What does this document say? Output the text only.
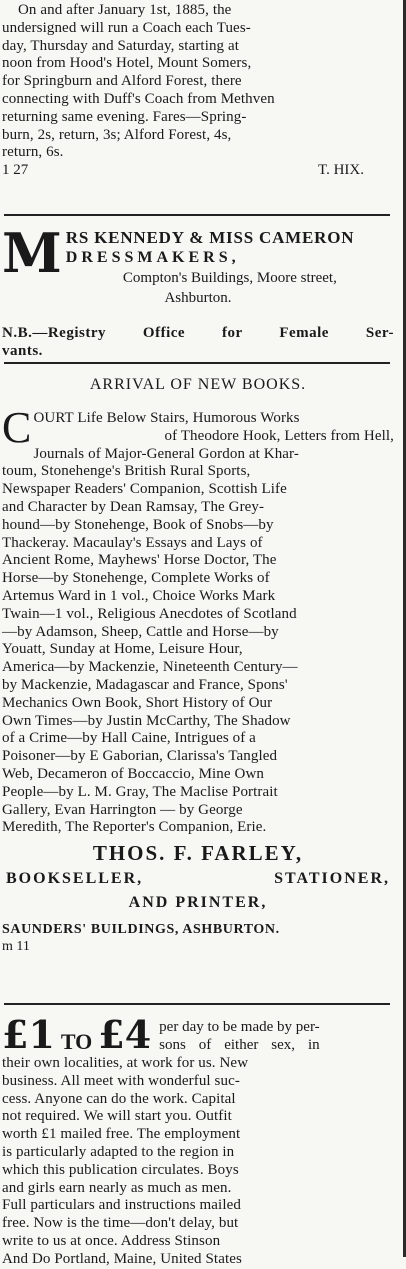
On and after January 1st, 1885, the

undersigned will run a Coach each Tues-

day, Thursday and Saturday, starting at

noon from Hood's Hotel, Mount Somers,

for Springburn and Alford Forest, there

connecting with Duff's Coach from Methven

returning same evening. Fares—Spring-

burn, 2s, return, 3s; Alford Forest, 4s,

return, 6s.

1 27	T. HIX.
M RS KENNEDY & MISS CAMERON
DRESSMAKERS,
Compton's Buildings, Moore street,
Ashburton.
N.B.—Registry Office for Female Ser-
vants.
ARRIVAL OF NEW BOOKS.

COURT Life Below Stairs, Humorous Works

of Theodore Hook, Letters from Hell,

Journals of Major-General Gordon at Khar-

toum, Stonehenge's British Rural Sports,

Newspaper Readers' Companion, Scottish Life

and Character by Dean Ramsay, The Grey-

hound—by Stonehenge, Book of Snobs—by

Thackeray. Macaulay's Essays and Lays of

Ancient Rome, Mayhews' Horse Doctor, The

Horse—by Stonehenge, Complete Works of

Artemus Ward in 1 vol., Choice Works Mark

Twain—1 vol., Religious Anecdotes of Scotland

—by Adamson, Sheep, Cattle and Horse—by

Youatt, Sunday at Home, Leisure Hour,

America—by Mackenzie, Nineteenth Century—

by Mackenzie, Madagascar and France, Spons'

Mechanics Own Book, Short History of Our

Own Times—by Justin McCarthy, The Shadow

of a Crime—by Hall Caine, Intrigues of a

Poisoner—by E Gaborian, Clarissa's Tangled

Web, Decameron of Boccaccio, Mine Own

People—by L. M. Gray, The Maclise Portrait

Gallery, Evan Harrington — by George

Meredith, The Reporter's Companion, Erie.

THOS. F. FARLEY,
BOOKSELLER,	STATIONER,
AND PRINTER,
SAUNDERS' BUILDINGS, ASHBURTON.
m 11
£1 TO £4 per day to be made by per-
sons of either sex, in

their own localities, at work for us. New

business. All meet with wonderful suc-

cess. Anyone can do the work. Capital

not required. We will start you. Outfit

worth £1 mailed free. The employment

is particularly adapted to the region in

which this publication circulates. Boys

and girls earn nearly as much as men.

Full particulars and instructions mailed

free. Now is the time—don't delay, but

write to us at once. Address Stinson

And Do Portland, Maine, United States
